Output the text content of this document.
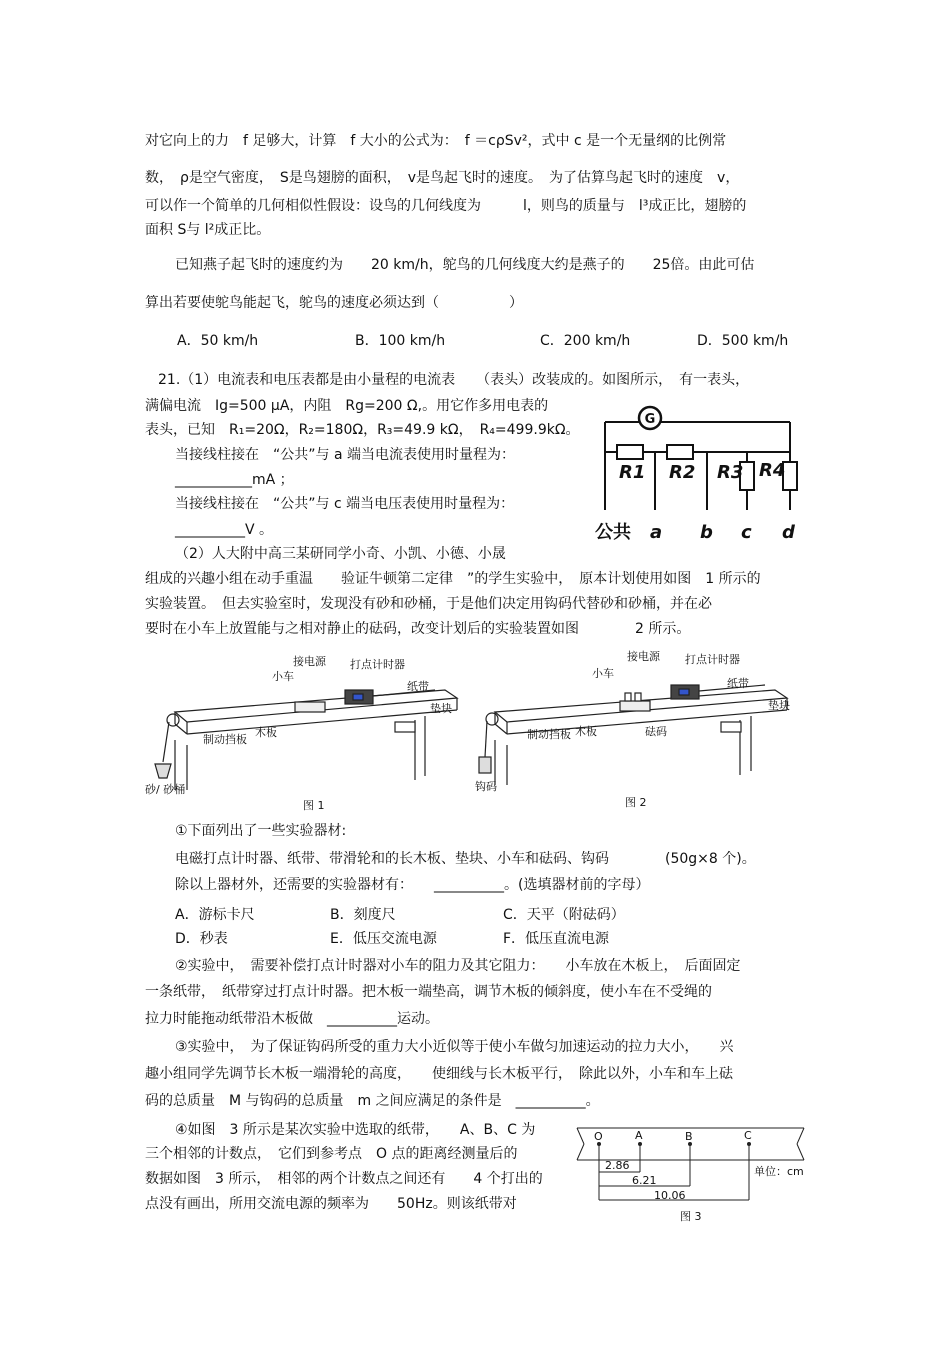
对它向上的力　f 足够大，计算　f 大小的公式为：　f ＝cρSv²，式中 c 是一个无量纲的比例常
数，　ρ是空气密度，　S是鸟翅膀的面积，　v是鸟起飞时的速度。　为了估算鸟起飞时的速度　v，
可以作一个简单的几何相似性假设：设鸟的几何线度为　　　l，则鸟的质量与　l³成正比，翅膀的
面积 S与 l²成正比。
已知燕子起飞时的速度约为　　20 km/h，鸵鸟的几何线度大约是燕子的　　25倍。由此可估
算出若要使鸵鸟能起飞，鸵鸟的速度必须达到（　　　　　）
A．50 km/h	B．100 km/h	C．200 km/h	D．500 km/h
21.（1）电流表和电压表都是由小量程的电流表　　（表头）改装成的。如图所示，　有一表头，
满偏电流　Ig=500 μA，内阻　Rg=200 Ω,。用它作多用电表的
表头，已知　R₁=20Ω，R₂=180Ω，R₃=49.9 kΩ，　R₄=499.9kΩ。
当接线柱接在　“公共”与 a 端当电流表使用时量程为：
___________mA ；
当接线柱接在　“公共”与 c 端当电压表使用时量程为：
__________V 。
G
R1 R2 R3 R4
公共 a b c d
（2）人大附中高三某研同学小奇、小凯、小德、小晟
组成的兴趣小组在动手重温　　验证牛顿第二定律　”的学生实验中，　原本计划使用如图　1 所示的
实验装置。　但去实验室时，发现没有砂和砂桶，于是他们决定用钩码代替砂和砂桶，并在必
要时在小车上放置能与之相对静止的砝码，改变计划后的实验装置如图　　　　2 所示。
接电源 打点计时器
小车
纸带
垫块
制动挡板
木板
砂/ 砂桶
图 1
接电源 打点计时器
小车
纸带
垫块
制动挡板 木板	砝码
钩码
图 2
①下面列出了一些实验器材:
电磁打点计时器、纸带、带滑轮和的长木板、垫块、小车和砝码、钩码　　　　(50g×8 个)。
除以上器材外，还需要的实验器材有：　　__________。(选填器材前的字母）
A．游标卡尺	B．刻度尺	C．天平（附砝码）
D．秒表	E．低压交流电源	F．低压直流电源
②实验中，　需要补偿打点计时器对小车的阻力及其它阻力：　　小车放在木板上，　后面固定
一条纸带，　纸带穿过打点计时器。把木板一端垫高，调节木板的倾斜度，使小车在不受绳的
拉力时能拖动纸带沿木板做　__________运动。
③实验中，　为了保证钩码所受的重力大小近似等于使小车做匀加速运动的拉力大小，　　兴
趣小组同学先调节长木板一端滑轮的高度，　　使细线与长木板平行，　除此以外，小车和车上砝
码的总质量　M 与钩码的总质量　m 之间应满足的条件是　__________。
④如图　3 所示是某次实验中选取的纸带，　　A、B、C 为
三个相邻的计数点，　它们到参考点　O 点的距离经测量后的
数据如图　3 所示，　相邻的两个计数点之间还有　　4 个打出的
点没有画出，所用交流电源的频率为　　50Hz。则该纸带对
O	A	B	C
2.86
6.21
10.06
单位：cm
图 3
